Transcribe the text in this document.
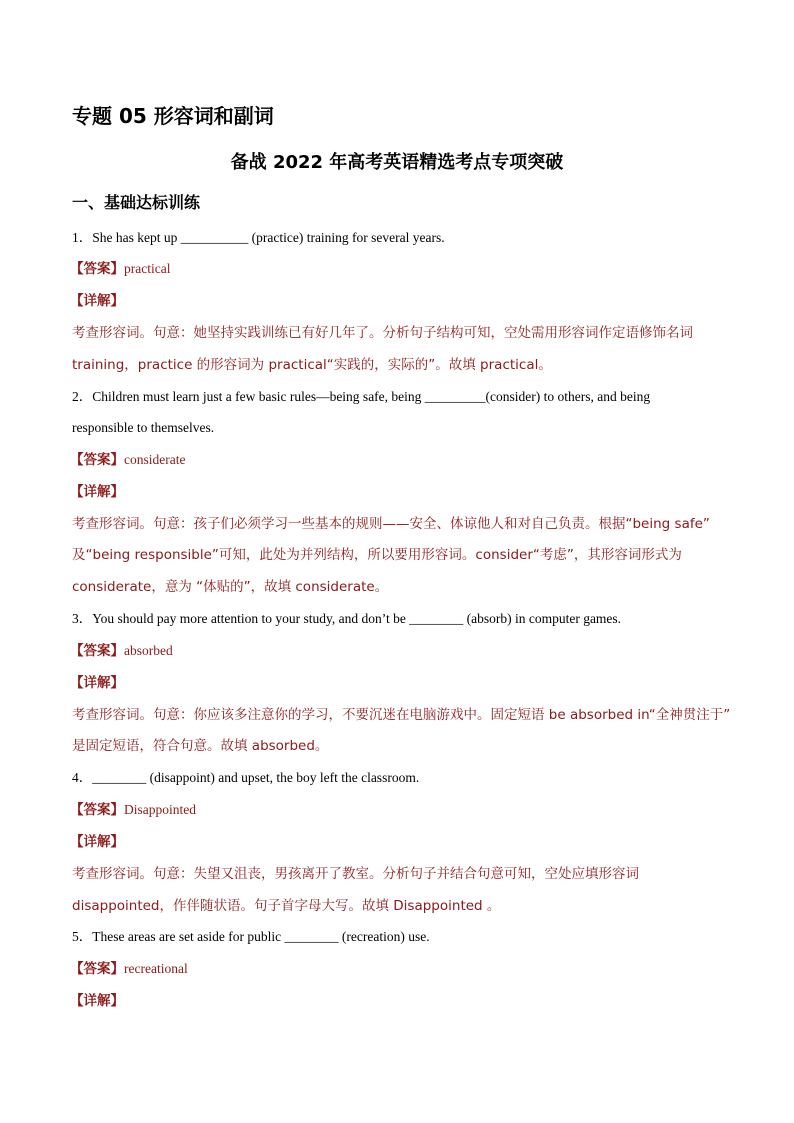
专题 05 形容词和副词
备战 2022 年高考英语精选考点专项突破
一、基础达标训练
1．She has kept up __________ (practice) training for several years.
【答案】practical
【详解】
考查形容词。句意：她坚持实践训练已有好几年了。分析句子结构可知，空处需用形容词作定语修饰名词
training，practice 的形容词为 practical“实践的，实际的”。故填 practical。
2．Children must learn just a few basic rules—being safe, being _________(consider) to others, and being
responsible to themselves.
【答案】considerate
【详解】
考查形容词。句意：孩子们必须学习一些基本的规则——安全、体谅他人和对自己负责。根据“being safe”
及“being responsible”可知，此处为并列结构，所以要用形容词。consider“考虑”，其形容词形式为
considerate，意为 “体贴的”，故填 considerate。
3．You should pay more attention to your study, and don’t be ________ (absorb) in computer games.
【答案】absorbed
【详解】
考查形容词。句意：你应该多注意你的学习，不要沉迷在电脑游戏中。固定短语 be absorbed in“全神贯注于”
是固定短语，符合句意。故填 absorbed。
4．________ (disappoint) and upset, the boy left the classroom.
【答案】Disappointed
【详解】
考查形容词。句意：失望又沮丧，男孩离开了教室。分析句子并结合句意可知，空处应填形容词
disappointed，作伴随状语。句子首字母大写。故填 Disappointed 。
5．These areas are set aside for public ________ (recreation) use.
【答案】recreational
【详解】
